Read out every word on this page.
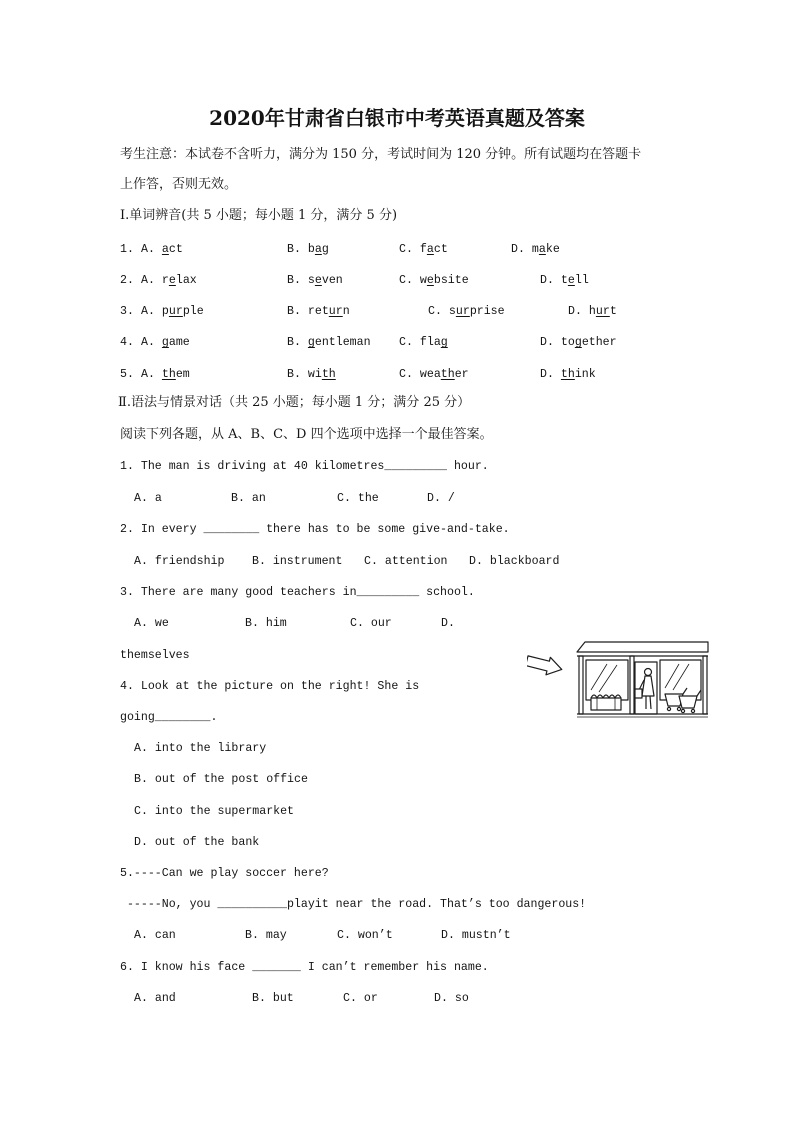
2020年甘肃省白银市中考英语真题及答案
考生注意：本试卷不含听力，满分为 150 分，考试时间为 120 分钟。所有试题均在答题卡
上作答，否则无效。
I.单词辨音(共 5 小题；每小题 1 分，满分 5 分)
1. A. act	B. bag	C. fact	D. make
2. A. relax	B. seven	C. website	D. tell
3. A. purple	B. return	C. surprise	D. hurt
4. A. game	B. gentleman C. flag	D. together
5. A. them	B. with	C. weather	D. think
Ⅱ.语法与情景对话（共 25 小题；每小题 1 分；满分 25 分）
阅读下列各题，从 A、B、C、D 四个选项中选择一个最佳答案。
1. The man is driving at 40 kilometres_________ hour.
A. a	B. an	C. the	D. /
2. In every ________ there has to be some give-and-take.
A. friendship B. instrument C. attention D. blackboard
3. There are many good teachers in_________ school.
A. we	B. him	C. our	D.
themselves
4. Look at the picture on the right! She is
going________.
A. into the library
B. out of the post office
C. into the supermarket
D. out of the bank
5.----Can we play soccer here?
-----No, you __________playit near the road. That’s too dangerous!
A. can	B. may	C. won’t	D. mustn’t
6. I know his face _______ I can’t remember his name.
A. and	B. but	C. or	D. so
